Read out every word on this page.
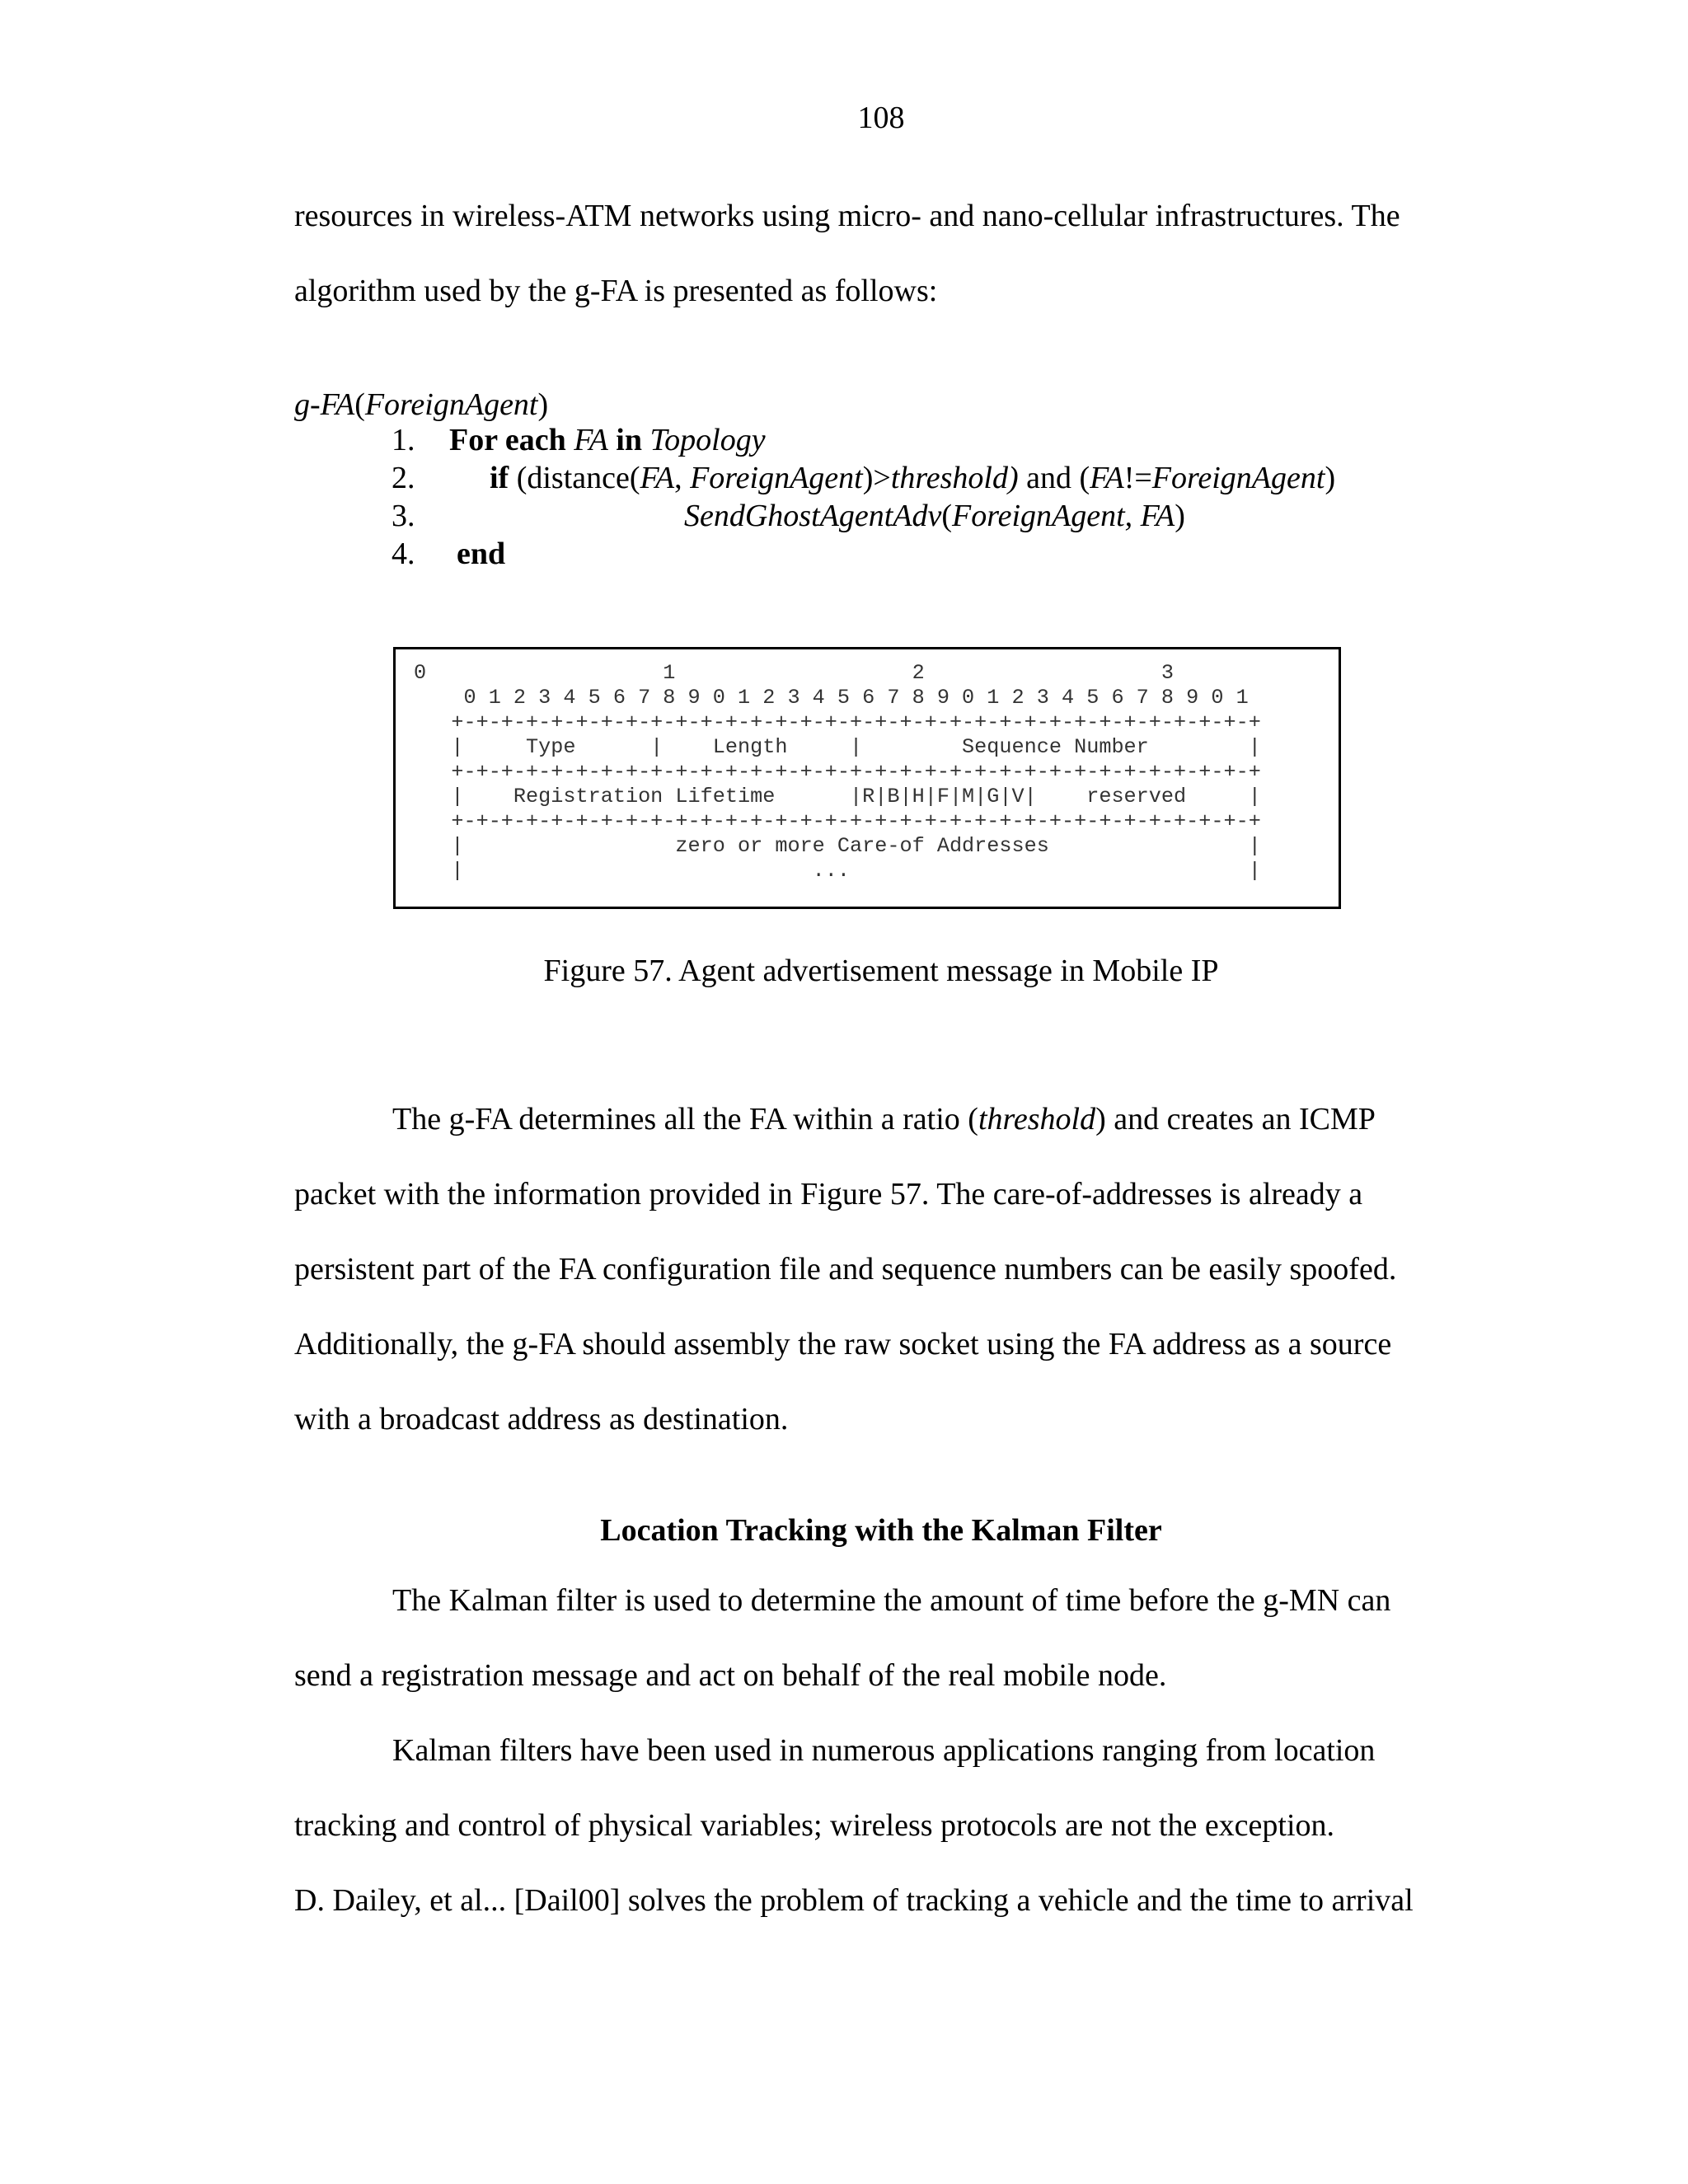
108
resources in wireless-ATM networks using micro- and nano-cellular infrastructures. The
algorithm used by the g-FA is presented as follows:
g-FA(ForeignAgent)
1. For each FA in Topology
2. if (distance(FA, ForeignAgent)>threshold) and (FA!=ForeignAgent)
3.	SendGhostAgentAdv(ForeignAgent, FA)
4. end
0                   1                   2                   3
0 1 2 3 4 5 6 7 8 9 0 1 2 3 4 5 6 7 8 9 0 1 2 3 4 5 6 7 8 9 0 1
+-+-+-+-+-+-+-+-+-+-+-+-+-+-+-+-+-+-+-+-+-+-+-+-+-+-+-+-+-+-+-+-+
|     Type      |    Length     |        Sequence Number        |
+-+-+-+-+-+-+-+-+-+-+-+-+-+-+-+-+-+-+-+-+-+-+-+-+-+-+-+-+-+-+-+-+
|    Registration Lifetime      |R|B|H|F|M|G|V|    reserved     |
+-+-+-+-+-+-+-+-+-+-+-+-+-+-+-+-+-+-+-+-+-+-+-+-+-+-+-+-+-+-+-+-+
|                 zero or more Care-of Addresses                |
|                            ...                                |
Figure 57. Agent advertisement message in Mobile IP
The g-FA determines all the FA within a ratio (threshold) and creates an ICMP
packet with the information provided in Figure 57. The care-of-addresses is already a
persistent part of the FA configuration file and sequence numbers can be easily spoofed.
Additionally, the g-FA should assembly the raw socket using the FA address as a source
with a broadcast address as destination.
Location Tracking with the Kalman Filter
The Kalman filter is used to determine the amount of time before the g-MN can
send a registration message and act on behalf of the real mobile node.
Kalman filters have been used in numerous applications ranging from location
tracking and control of physical variables; wireless protocols are not the exception.
D. Dailey, et al... [Dail00] solves the problem of tracking a vehicle and the time to arrival
